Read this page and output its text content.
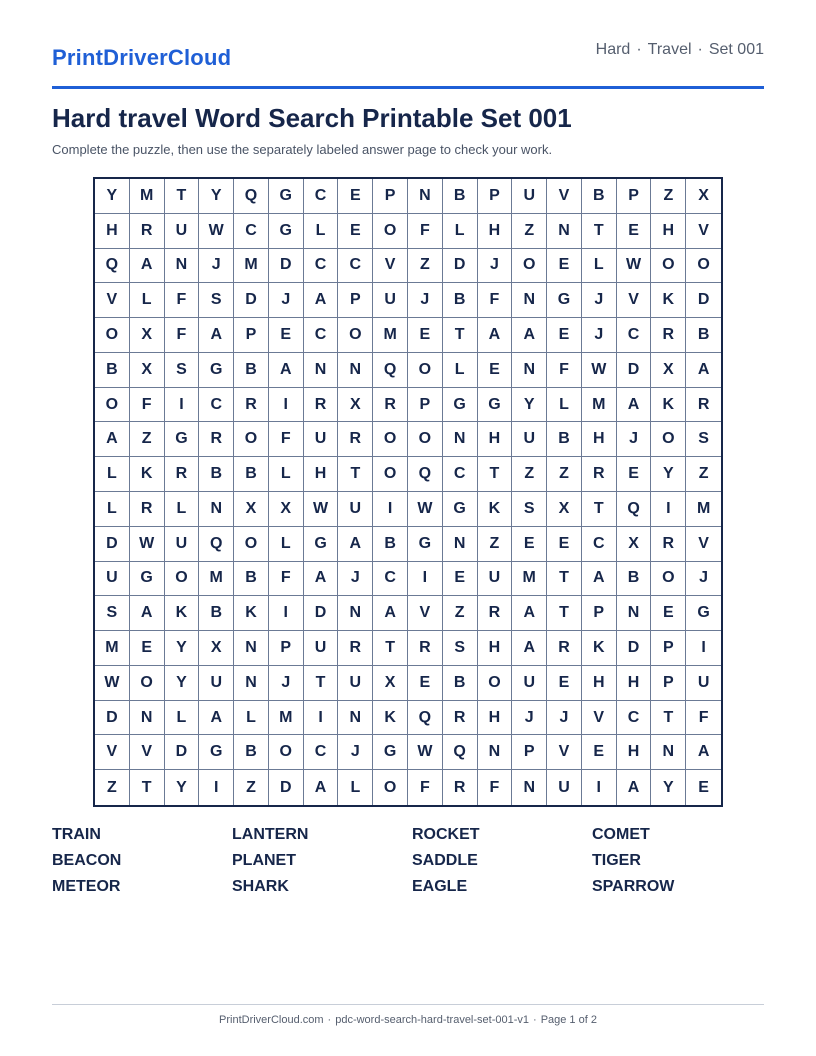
PrintDriverCloud	Hard · Travel · Set 001
Hard travel Word Search Printable Set 001

Complete the puzzle, then use the separately labeled answer page to check your work.

Y	M	T	Y	Q	G	C	E	P	N	B	P	U	V	B	P	Z	X
H	R	U	W	C	G	L	E	O	F	L	H	Z	N	T	E	H	V
Q	A	N	J	M	D	C	C	V	Z	D	J	O	E	L	W	O	O
V	L	F	S	D	J	A	P	U	J	B	F	N	G	J	V	K	D
O	X	F	A	P	E	C	O	M	E	T	A	A	E	J	C	R	B
B	X	S	G	B	A	N	N	Q	O	L	E	N	F	W	D	X	A
O	F	I	C	R	I	R	X	R	P	G	G	Y	L	M	A	K	R
A	Z	G	R	O	F	U	R	O	O	N	H	U	B	H	J	O	S
L	K	R	B	B	L	H	T	O	Q	C	T	Z	Z	R	E	Y	Z
L	R	L	N	X	X	W	U	I	W	G	K	S	X	T	Q	I	M
D	W	U	Q	O	L	G	A	B	G	N	Z	E	E	C	X	R	V
U	G	O	M	B	F	A	J	C	I	E	U	M	T	A	B	O	J
S	A	K	B	K	I	D	N	A	V	Z	R	A	T	P	N	E	G
M	E	Y	X	N	P	U	R	T	R	S	H	A	R	K	D	P	I
W	O	Y	U	N	J	T	U	X	E	B	O	U	E	H	H	P	U
D	N	L	A	L	M	I	N	K	Q	R	H	J	J	V	C	T	F
V	V	D	G	B	O	C	J	G	W	Q	N	P	V	E	H	N	A
Z	T	Y	I	Z	D	A	L	O	F	R	F	N	U	I	A	Y	E
TRAIN	LANTERN	ROCKET	COMET
BEACON	PLANET	SADDLE	TIGER
METEOR	SHARK	EAGLE	SPARROW
PrintDriverCloud.com · pdc-word-search-hard-travel-set-001-v1 · Page 1 of 2
